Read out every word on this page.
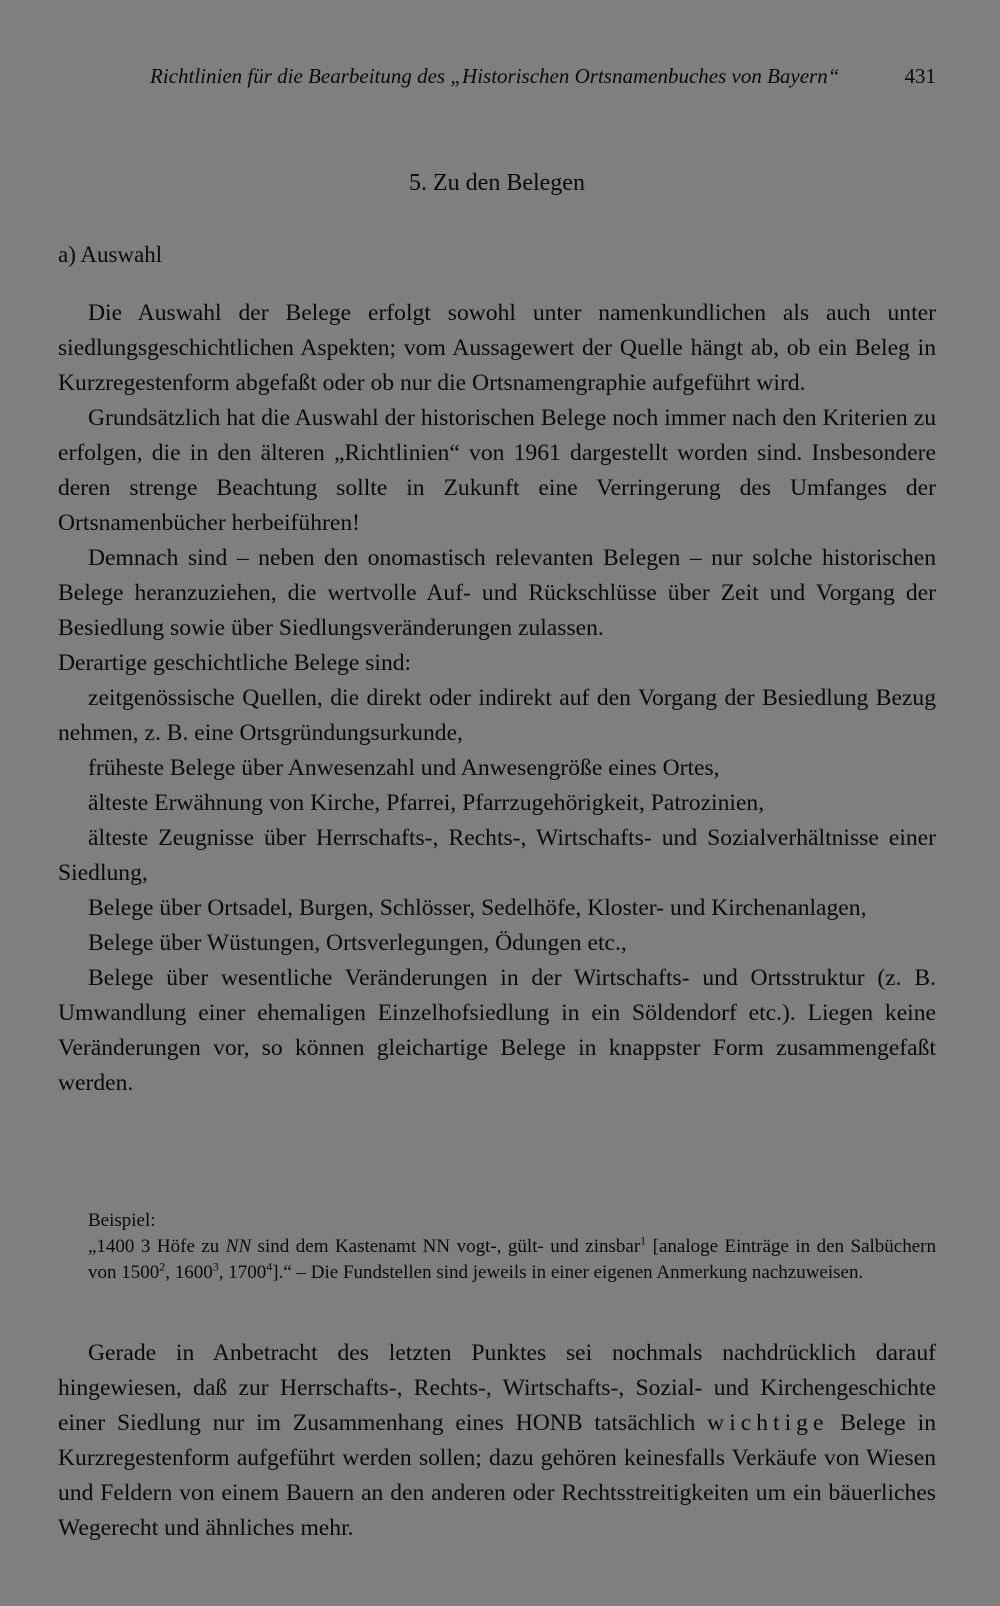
Richtlinien für die Bearbeitung des „Historischen Ortsnamenbuches von Bayern“	431
5. Zu den Belegen
a) Auswahl

Die Auswahl der Belege erfolgt sowohl unter namenkundlichen als auch unter siedlungsgeschichtlichen Aspekten; vom Aussagewert der Quelle hängt ab, ob ein Beleg in Kurzregestenform abgefaßt oder ob nur die Ortsnamengraphie aufgeführt wird.

Grundsätzlich hat die Auswahl der historischen Belege noch immer nach den Kriterien zu erfolgen, die in den älteren „Richtlinien“ von 1961 dargestellt worden sind. Insbesondere deren strenge Beachtung sollte in Zukunft eine Verringerung des Umfanges der Ortsnamenbücher herbeiführen!

Demnach sind – neben den onomastisch relevanten Belegen – nur solche historischen Belege heranzuziehen, die wertvolle Auf- und Rückschlüsse über Zeit und Vorgang der Besiedlung sowie über Siedlungsveränderungen zulassen.

Derartige geschichtliche Belege sind:

zeitgenössische Quellen, die direkt oder indirekt auf den Vorgang der Besiedlung Bezug nehmen, z. B. eine Ortsgründungsurkunde,

früheste Belege über Anwesenzahl und Anwesengröße eines Ortes,

älteste Erwähnung von Kirche, Pfarrei, Pfarrzugehörigkeit, Patrozinien,

älteste Zeugnisse über Herrschafts-, Rechts-, Wirtschafts- und Sozialverhältnisse einer Siedlung,

Belege über Ortsadel, Burgen, Schlösser, Sedelhöfe, Kloster- und Kirchenanlagen,

Belege über Wüstungen, Ortsverlegungen, Ödungen etc.,

Belege über wesentliche Veränderungen in der Wirtschafts- und Ortsstruktur (z. B. Umwandlung einer ehemaligen Einzelhofsiedlung in ein Söldendorf etc.). Liegen keine Veränderungen vor, so können gleichartige Belege in knappster Form zusammengefaßt werden.

Beispiel:

„1400 3 Höfe zu NN sind dem Kastenamt NN vogt-, gült- und zinsbar$^1$ [analoge Einträge in den Salbüchern von 1500$^2$, 1600$^3$, 1700$^4$].“ – Die Fundstellen sind jeweils in einer eigenen Anmerkung nachzuweisen.

Gerade in Anbetracht des letzten Punktes sei nochmals nachdrücklich darauf hingewiesen, daß zur Herrschafts-, Rechts-, Wirtschafts-, Sozial- und Kirchengeschichte einer Siedlung nur im Zusammenhang eines HONB tatsächlich wichtige Belege in Kurzregestenform aufgeführt werden sollen; dazu gehören keinesfalls Verkäufe von Wiesen und Feldern von einem Bauern an den anderen oder Rechtsstreitigkeiten um ein bäuerliches Wegerecht und ähnliches mehr.
